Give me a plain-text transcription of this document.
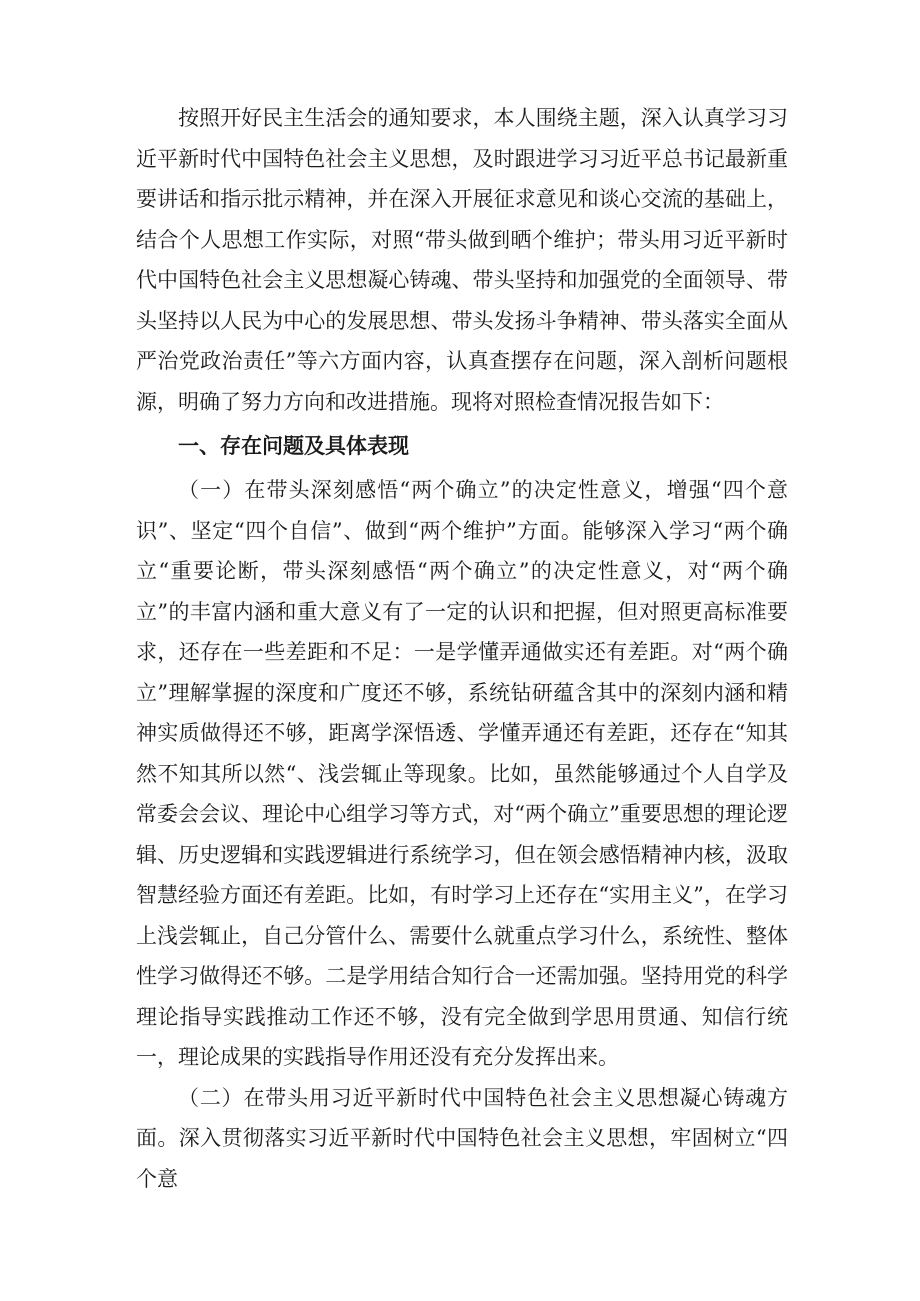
按照开好民主生活会的通知要求，本人围绕主题，深入认真学习习近平新时代中国特色社会主义思想，及时跟进学习习近平总书记最新重要讲话和指示批示精神，并在深入开展征求意见和谈心交流的基础上，结合个人思想工作实际，对照“带头做到晒个维护；带头用习近平新时代中国特色社会主义思想凝心铸魂、带头坚持和加强党的全面领导、带头坚持以人民为中心的发展思想、带头发扬斗争精神、带头落实全面从严治党政治责任”等六方面内容，认真查摆存在问题，深入剖析问题根源，明确了努力方向和改进措施。现将对照检查情况报告如下：

一、存在问题及具体表现

（一）在带头深刻感悟“两个确立”的决定性意义，增强“四个意识”、坚定“四个自信”、做到“两个维护”方面。能够深入学习“两个确立“重要论断，带头深刻感悟“两个确立”的决定性意义，对“两个确立”的丰富内涵和重大意义有了一定的认识和把握，但对照更高标准要求，还存在一些差距和不足：一是学懂弄通做实还有差距。对“两个确立”理解掌握的深度和广度还不够，系统钻研蕴含其中的深刻内涵和精神实质做得还不够，距离学深悟透、学懂弄通还有差距，还存在“知其然不知其所以然“、浅尝辄止等现象。比如，虽然能够通过个人自学及常委会会议、理论中心组学习等方式，对“两个确立”重要思想的理论逻辑、历史逻辑和实践逻辑进行系统学习，但在领会感悟精神内核，汲取智慧经验方面还有差距。比如，有时学习上还存在“实用主义”，在学习上浅尝辄止，自己分管什么、需要什么就重点学习什么，系统性、整体性学习做得还不够。二是学用结合知行合一还需加强。坚持用党的科学理论指导实践推动工作还不够，没有完全做到学思用贯通、知信行统一，理论成果的实践指导作用还没有充分发挥出来。

（二）在带头用习近平新时代中国特色社会主义思想凝心铸魂方面。深入贯彻落实习近平新时代中国特色社会主义思想，牢固树立“四个意
